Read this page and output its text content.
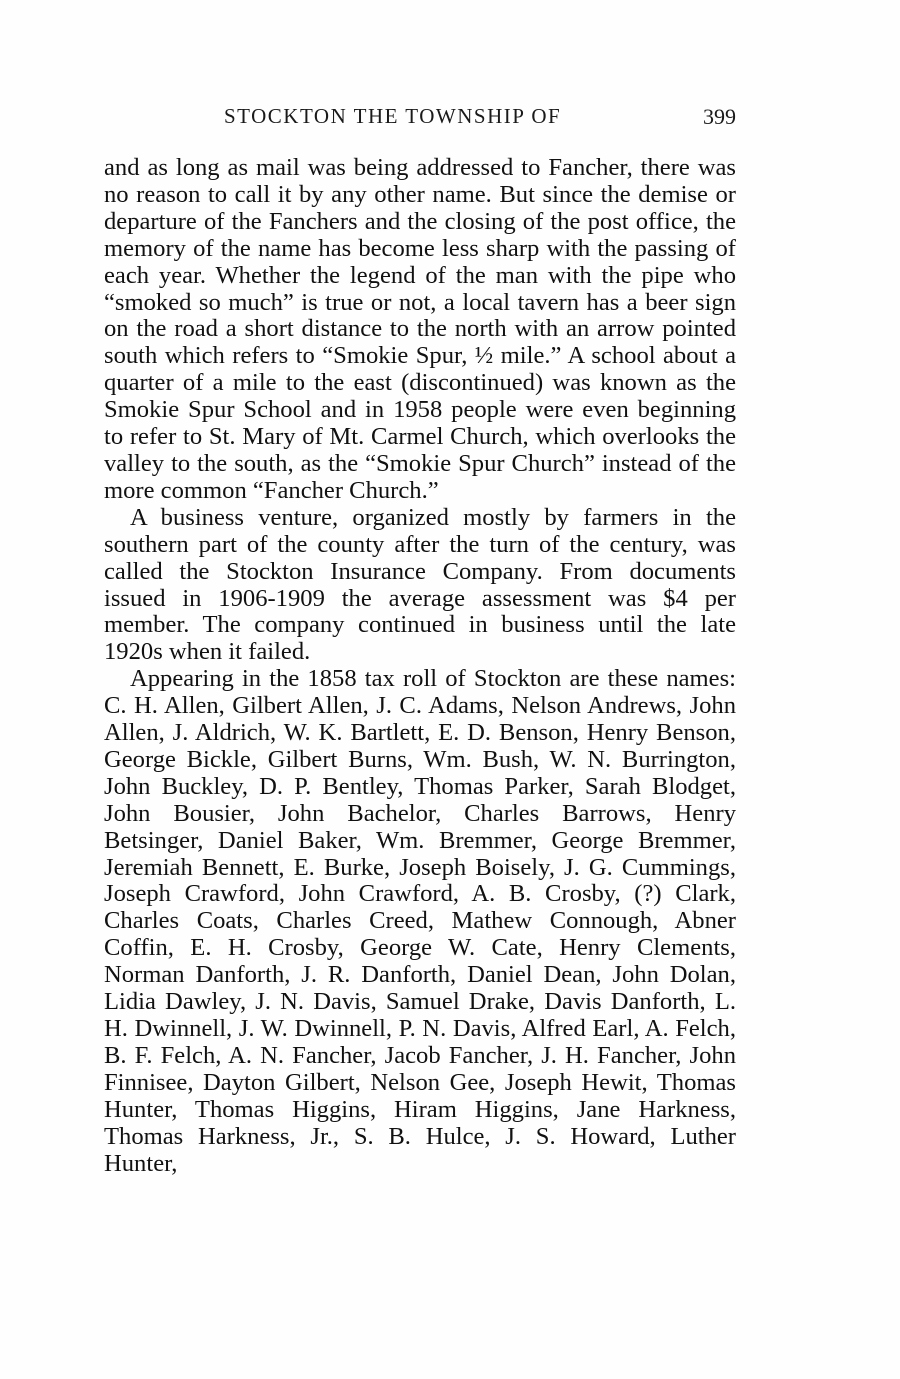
STOCKTON THE TOWNSHIP OF	399

and as long as mail was being addressed to Fancher, there was no reason to call it by any other name. But since the demise or departure of the Fanchers and the closing of the post office, the memory of the name has become less sharp with the passing of each year. Whether the legend of the man with the pipe who “smoked so much” is true or not, a local tavern has a beer sign on the road a short distance to the north with an arrow pointed south which refers to “Smokie Spur, ½ mile.” A school about a quarter of a mile to the east (discontinued) was known as the Smokie Spur School and in 1958 people were even beginning to refer to St. Mary of Mt. Carmel Church, which overlooks the valley to the south, as the “Smokie Spur Church” instead of the more common “Fancher Church.”

A business venture, organized mostly by farmers in the southern part of the county after the turn of the century, was called the Stockton Insurance Company. From documents issued in 1906-1909 the average assessment was $4 per member. The company continued in business until the late 1920s when it failed.

Appearing in the 1858 tax roll of Stockton are these names: C. H. Allen, Gilbert Allen, J. C. Adams, Nelson Andrews, John Allen, J. Aldrich, W. K. Bartlett, E. D. Benson, Henry Benson, George Bickle, Gilbert Burns, Wm. Bush, W. N. Burrington, John Buckley, D. P. Bentley, Thomas Parker, Sarah Blodget, John Bousier, John Bachelor, Charles Barrows, Henry Betsinger, Daniel Baker, Wm. Bremmer, George Bremmer, Jeremiah Bennett, E. Burke, Joseph Boisely, J. G. Cummings, Joseph Crawford, John Crawford, A. B. Crosby, (?) Clark, Charles Coats, Charles Creed, Mathew Connough, Abner Coffin, E. H. Crosby, George W. Cate, Henry Clements, Norman Danforth, J. R. Danforth, Daniel Dean, John Dolan, Lidia Dawley, J. N. Davis, Samuel Drake, Davis Danforth, L. H. Dwinnell, J. W. Dwinnell, P. N. Davis, Alfred Earl, A. Felch, B. F. Felch, A. N. Fancher, Jacob Fancher, J. H. Fancher, John Finnisee, Dayton Gilbert, Nelson Gee, Joseph Hewit, Thomas Hunter, Thomas Higgins, Hiram Higgins, Jane Harkness, Thomas Harkness, Jr., S. B. Hulce, J. S. Howard, Luther Hunter,
